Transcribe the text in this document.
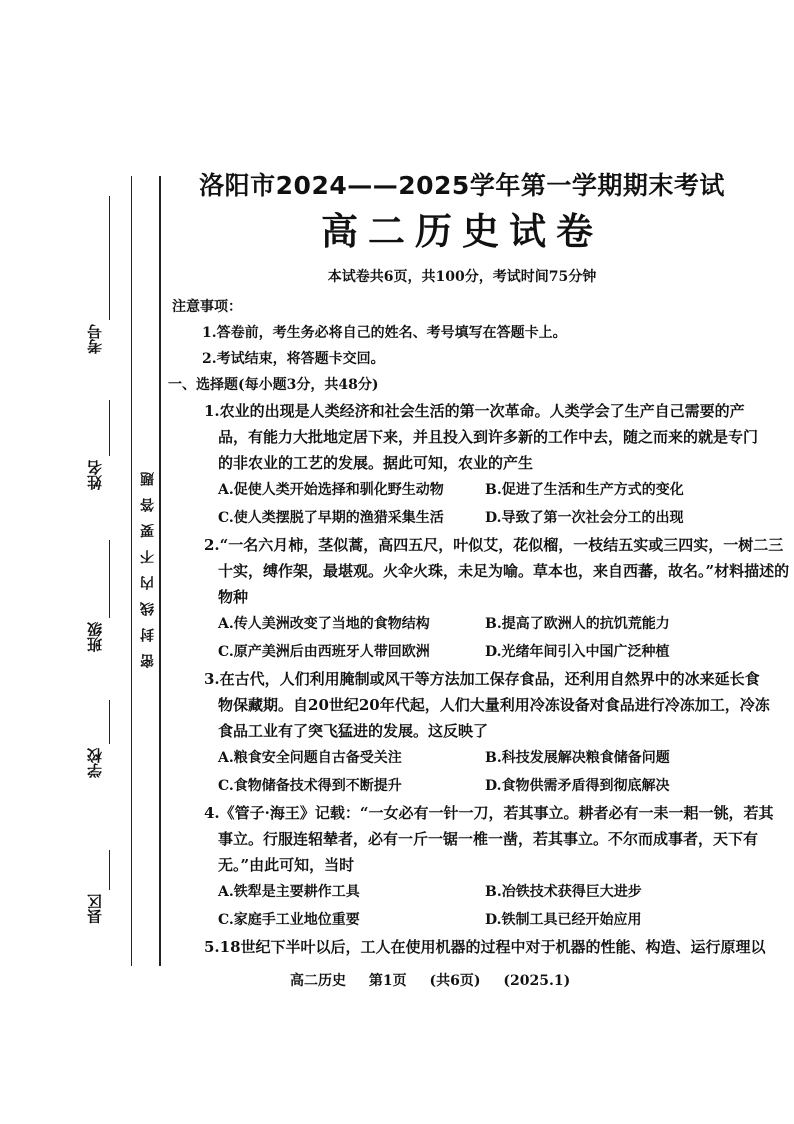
考号
姓名
班级
学校
县区
密封线内不要答题
洛阳市2024——2025学年第一学期期末考试
高二历史试卷
本试卷共6页，共100分，考试时间75分钟
注意事项：
1.答卷前，考生务必将自己的姓名、考号填写在答题卡上。
2.考试结束，将答题卡交回。
一、选择题(每小题3分，共48分)
1.农业的出现是人类经济和社会生活的第一次革命。人类学会了生产自己需要的产
品，有能力大批地定居下来，并且投入到许多新的工作中去，随之而来的就是专门
的非农业的工艺的发展。据此可知，农业的产生
A.促使人类开始选择和驯化野生动物	B.促进了生活和生产方式的变化
C.使人类摆脱了早期的渔猎采集生活	D.导致了第一次社会分工的出现
2.“一名六月柿，茎似蒿，高四五尺，叶似艾，花似榴，一枝结五实或三四实，一树二三
十实，缚作架，最堪观。火伞火珠，未足为喻。草本也，来自西蕃，故名。”材料描述的
物种
A.传人美洲改变了当地的食物结构	B.提高了欧洲人的抗饥荒能力
C.原产美洲后由西班牙人带回欧洲	D.光绪年间引入中国广泛种植
3.在古代，人们利用腌制或风干等方法加工保存食品，还利用自然界中的冰来延长食
物保藏期。自20世纪20年代起，人们大量利用冷冻设备对食品进行冷冻加工，冷冻
食品工业有了突飞猛进的发展。这反映了
A.粮食安全问题自古备受关注	B.科技发展解决粮食储备问题
C.食物储备技术得到不断提升	D.食物供需矛盾得到彻底解决
4.《管子·海王》记载：“一女必有一针一刀，若其事立。耕者必有一耒一耜一铫，若其
事立。行服连轺辇者，必有一斤一锯一椎一凿，若其事立。不尔而成事者，天下有
无。”由此可知，当时
A.铁犁是主要耕作工具	B.冶铁技术获得巨大进步
C.家庭手工业地位重要	D.铁制工具已经开始应用
5.18世纪下半叶以后，工人在使用机器的过程中对于机器的性能、构造、运行原理以
高二历史 第1页 (共6页) (2025.1)
